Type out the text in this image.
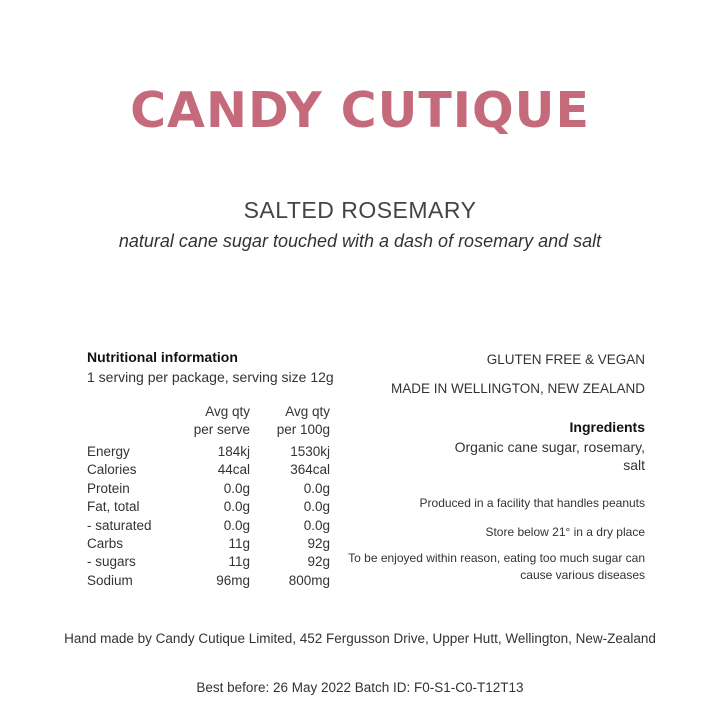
CANDY CUTIQUE
SALTED ROSEMARY
natural cane sugar touched with a dash of rosemary and salt
Nutritional information
1 serving per package, serving size 12g
Avg qty
per serve
Avg qty
per 100g
Energy	184kj	1530kj
Calories	44cal	364cal
Protein	0.0g	0.0g
Fat, total	0.0g	0.0g
- saturated	0.0g	0.0g
Carbs	11g	92g
- sugars	11g	92g
Sodium	96mg	800mg
GLUTEN FREE & VEGAN
MADE IN WELLINGTON, NEW ZEALAND
Ingredients
Organic cane sugar, rosemary, salt
Produced in a facility that handles peanuts
Store below 21° in a dry place
To be enjoyed within reason, eating too much sugar can cause various diseases
Hand made by Candy Cutique Limited, 452 Fergusson Drive, Upper Hutt, Wellington, New-Zealand
Best before: 26 May 2022 Batch ID: F0-S1-C0-T12T13
